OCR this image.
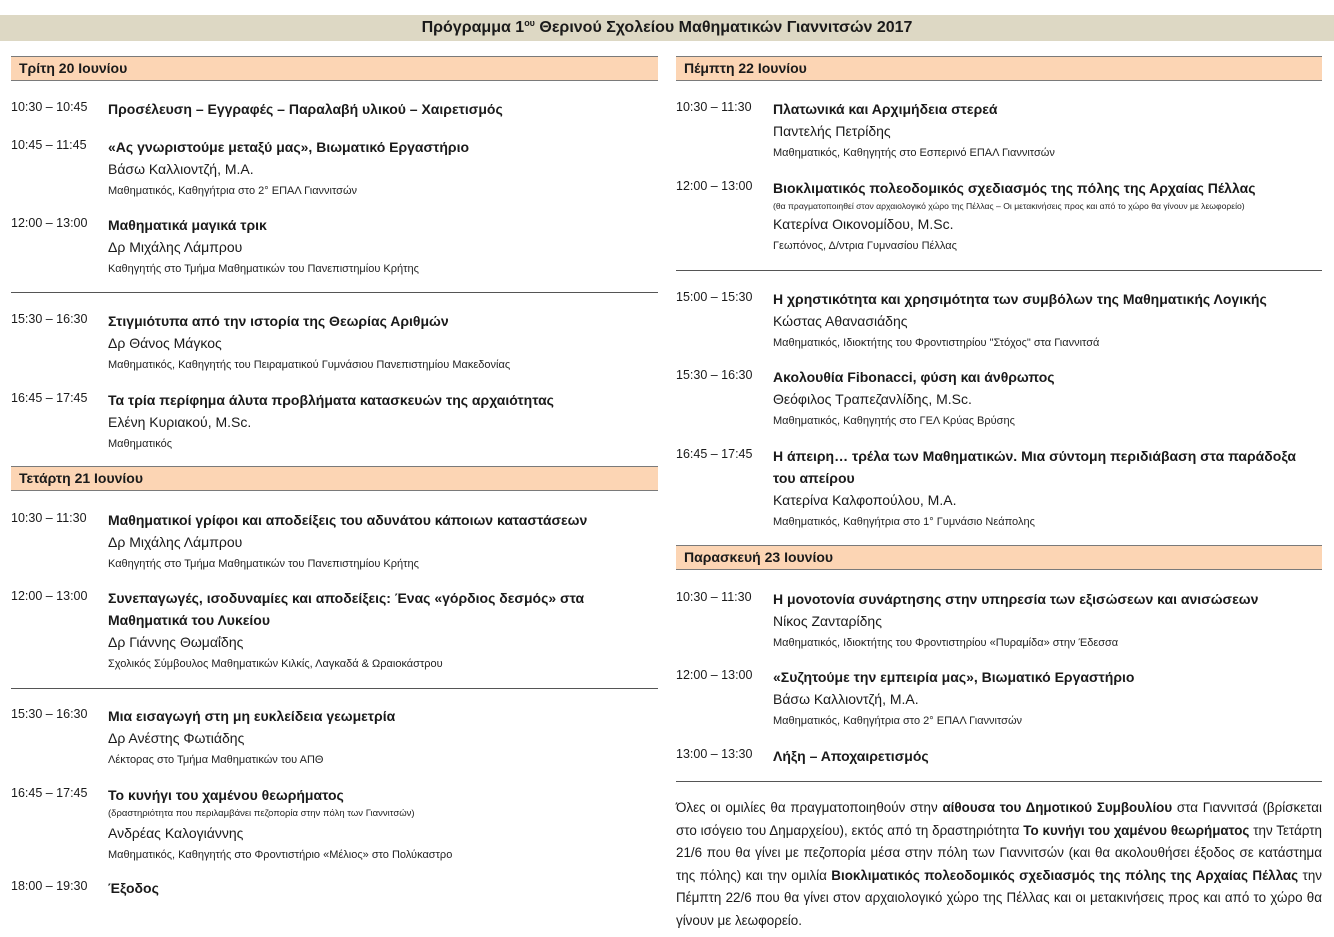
Πρόγραμμα $1^{o\upsilon}$ Θερινού Σχολείου Μαθηματικών Γιαννιτσών 2017
Τρίτη 20 Ιουνίου
10:30 – 10:45 Προσέλευση – Εγγραφές – Παραλαβή υλικού – Χαιρετισμός
10:45 – 11:45 «Ας γνωριστούμε μεταξύ μας», Βιωματικό Εργαστήριο
Βάσω Καλλιοντζή, M.A.
Μαθηματικός, Καθηγήτρια στο 2° ΕΠΑΛ Γιαννιτσών
12:00 – 13:00 Μαθηματικά μαγικά τρικ
Δρ Μιχάλης Λάμπρου
Καθηγητής στο Τμήμα Μαθηματικών του Πανεπιστημίου Κρήτης
15:30 – 16:30 Στιγμιότυπα από την ιστορία της Θεωρίας Αριθμών
Δρ Θάνος Μάγκος
Μαθηματικός, Καθηγητής του Πειραματικού Γυμνάσιου Πανεπιστημίου Μακεδονίας
16:45 – 17:45 Τα τρία περίφημα άλυτα προβλήματα κατασκευών της αρχαιότητας
Ελένη Κυριακού, M.Sc.
Μαθηματικός
Τετάρτη 21 Ιουνίου
10:30 – 11:30 Μαθηματικοί γρίφοι και αποδείξεις του αδυνάτου κάποιων καταστάσεων
Δρ Μιχάλης Λάμπρου
Καθηγητής στο Τμήμα Μαθηματικών του Πανεπιστημίου Κρήτης
12:00 – 13:00 Συνεπαγωγές, ισοδυναμίες και αποδείξεις: Ένας «γόρδιος δεσμός» στα
Μαθηματικά του Λυκείου
Δρ Γιάννης Θωμαΐδης
Σχολικός Σύμβουλος Μαθηματικών Κιλκίς, Λαγκαδά & Ωραιοκάστρου
15:30 – 16:30 Μια εισαγωγή στη μη ευκλείδεια γεωμετρία
Δρ Ανέστης Φωτιάδης
Λέκτορας στο Τμήμα Μαθηματικών του ΑΠΘ
16:45 – 17:45 Το κυνήγι του χαμένου θεωρήματος
(δραστηριότητα που περιλαμβάνει πεζοπορία στην πόλη των Γιαννιτσών)
Ανδρέας Καλογιάννης
Μαθηματικός, Καθηγητής στο Φροντιστήριο «Μέλιος» στο Πολύκαστρο
18:00 – 19:30 Έξοδος
Πέμπτη 22 Ιουνίου
10:30 – 11:30 Πλατωνικά και Αρχιμήδεια στερεά
Παντελής Πετρίδης
Μαθηματικός, Καθηγητής στο Εσπερινό ΕΠΑΛ Γιαννιτσών
12:00 – 13:00 Βιοκλιματικός πολεοδομικός σχεδιασμός της πόλης της Αρχαίας Πέλλας
(θα πραγματοποιηθεί στον αρχαιολογικό χώρο της Πέλλας – Οι μετακινήσεις προς και από το χώρο θα γίνουν με λεωφορείο)
Κατερίνα Οικονομίδου, M.Sc.
Γεωπόνος, Δ/ντρια Γυμνασίου Πέλλας
15:00 – 15:30 Η χρηστικότητα και χρησιμότητα των συμβόλων της Μαθηματικής Λογικής
Κώστας Αθανασιάδης
Μαθηματικός, Ιδιοκτήτης του Φροντιστηρίου "Στόχος" στα Γιαννιτσά
15:30 – 16:30 Ακολουθία Fibonacci, φύση και άνθρωπος
Θεόφιλος Τραπεζανλίδης, M.Sc.
Μαθηματικός, Καθηγητής στο ΓΕΛ Κρύας Βρύσης
16:45 – 17:45 Η άπειρη… τρέλα των Μαθηματικών. Μια σύντομη περιδιάβαση στα παράδοξα
του απείρου
Κατερίνα Καλφοπούλου, M.A.
Μαθηματικός, Καθηγήτρια στο 1° Γυμνάσιο Νεάπολης
Παρασκευή 23 Ιουνίου
10:30 – 11:30 Η μονοτονία συνάρτησης στην υπηρεσία των εξισώσεων και ανισώσεων
Νίκος Ζανταρίδης
Μαθηματικός, Ιδιοκτήτης του Φροντιστηρίου «Πυραμίδα» στην Έδεσσα
12:00 – 13:00 «Συζητούμε την εμπειρία μας», Βιωματικό Εργαστήριο
Βάσω Καλλιοντζή, M.A.
Μαθηματικός, Καθηγήτρια στο 2° ΕΠΑΛ Γιαννιτσών
13:00 – 13:30 Λήξη – Αποχαιρετισμός
Όλες οι ομιλίες θα πραγματοποιηθούν στην αίθουσα του Δημοτικού Συμβουλίου στα Γιαννιτσά (βρίσκεται στο ισόγειο του Δημαρχείου), εκτός από τη δραστηριότητα Το κυνήγι του χαμένου θεωρήματος την Τετάρτη 21/6 που θα γίνει με πεζοπορία μέσα στην πόλη των Γιαννιτσών (και θα ακολουθήσει έξοδος σε κατάστημα της πόλης) και την ομιλία Βιοκλιματικός πολεοδομικός σχεδιασμός της πόλης της Αρχαίας Πέλλας την Πέμπτη 22/6 που θα γίνει στον αρχαιολογικό χώρο της Πέλλας και οι μετακινήσεις προς και από το χώρο θα γίνουν με λεωφορείο.
